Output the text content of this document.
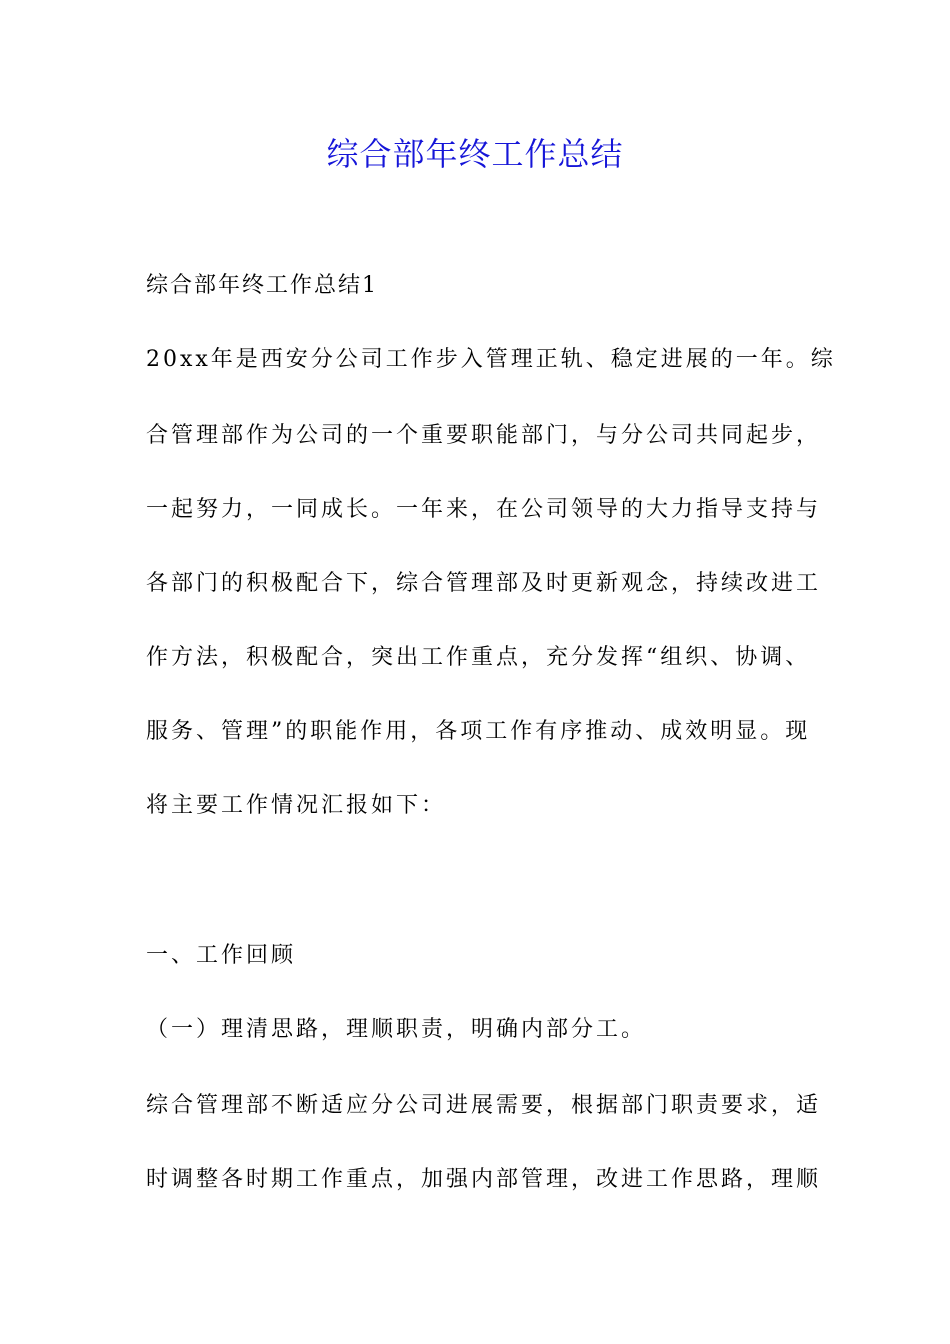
综合部年终工作总结

综合部年终工作总结1

20xx年是西安分公司工作步入管理正轨、稳定进展的一年。综

合管理部作为公司的一个重要职能部门，与分公司共同起步，

一起努力，一同成长。一年来，在公司领导的大力指导支持与

各部门的积极配合下，综合管理部及时更新观念，持续改进工

作方法，积极配合，突出工作重点，充分发挥“组织、协调、

服务、管理”的职能作用，各项工作有序推动、成效明显。现

将主要工作情况汇报如下：

一、工作回顾

（一）理清思路，理顺职责，明确内部分工。

综合管理部不断适应分公司进展需要，根据部门职责要求，适

时调整各时期工作重点，加强内部管理，改进工作思路，理顺
